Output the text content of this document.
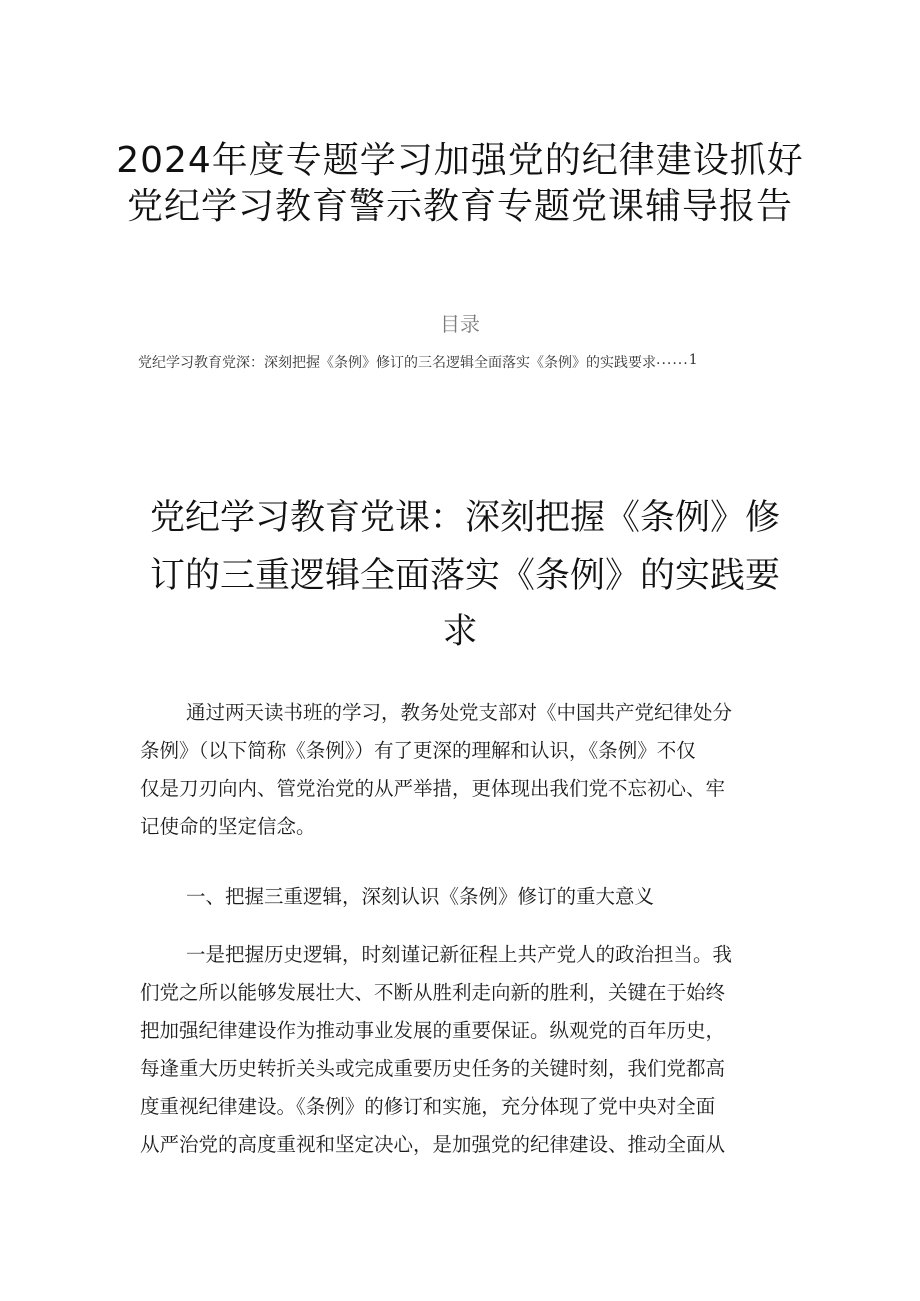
2024年度专题学习加强党的纪律建设抓好
党纪学习教育警示教育专题党课辅导报告
目录
党纪学习教育党深：深刻把握《条例》修订的三名逻辑全面落实《条例》的实践要求 ...... 1
党纪学习教育党课：深刻把握《条例》修
订的三重逻辑全面落实《条例》的实践要
求
通过两天读书班的学习，教务处党支部对《中国共产党纪律处分
条例》（以下简称《条例》）有了更深的理解和认识，《条例》不仅
仅是刀刃向内、管党治党的从严举措，更体现出我们党不忘初心、牢
记使命的坚定信念。
一、把握三重逻辑，深刻认识《条例》修订的重大意义
一是把握历史逻辑，时刻谨记新征程上共产党人的政治担当。我
们党之所以能够发展壮大、不断从胜利走向新的胜利，关键在于始终
把加强纪律建设作为推动事业发展的重要保证。纵观党的百年历史，
每逢重大历史转折关头或完成重要历史任务的关键时刻，我们党都高
度重视纪律建设。《条例》的修订和实施，充分体现了党中央对全面
从严治党的高度重视和坚定决心，是加强党的纪律建设、推动全面从
